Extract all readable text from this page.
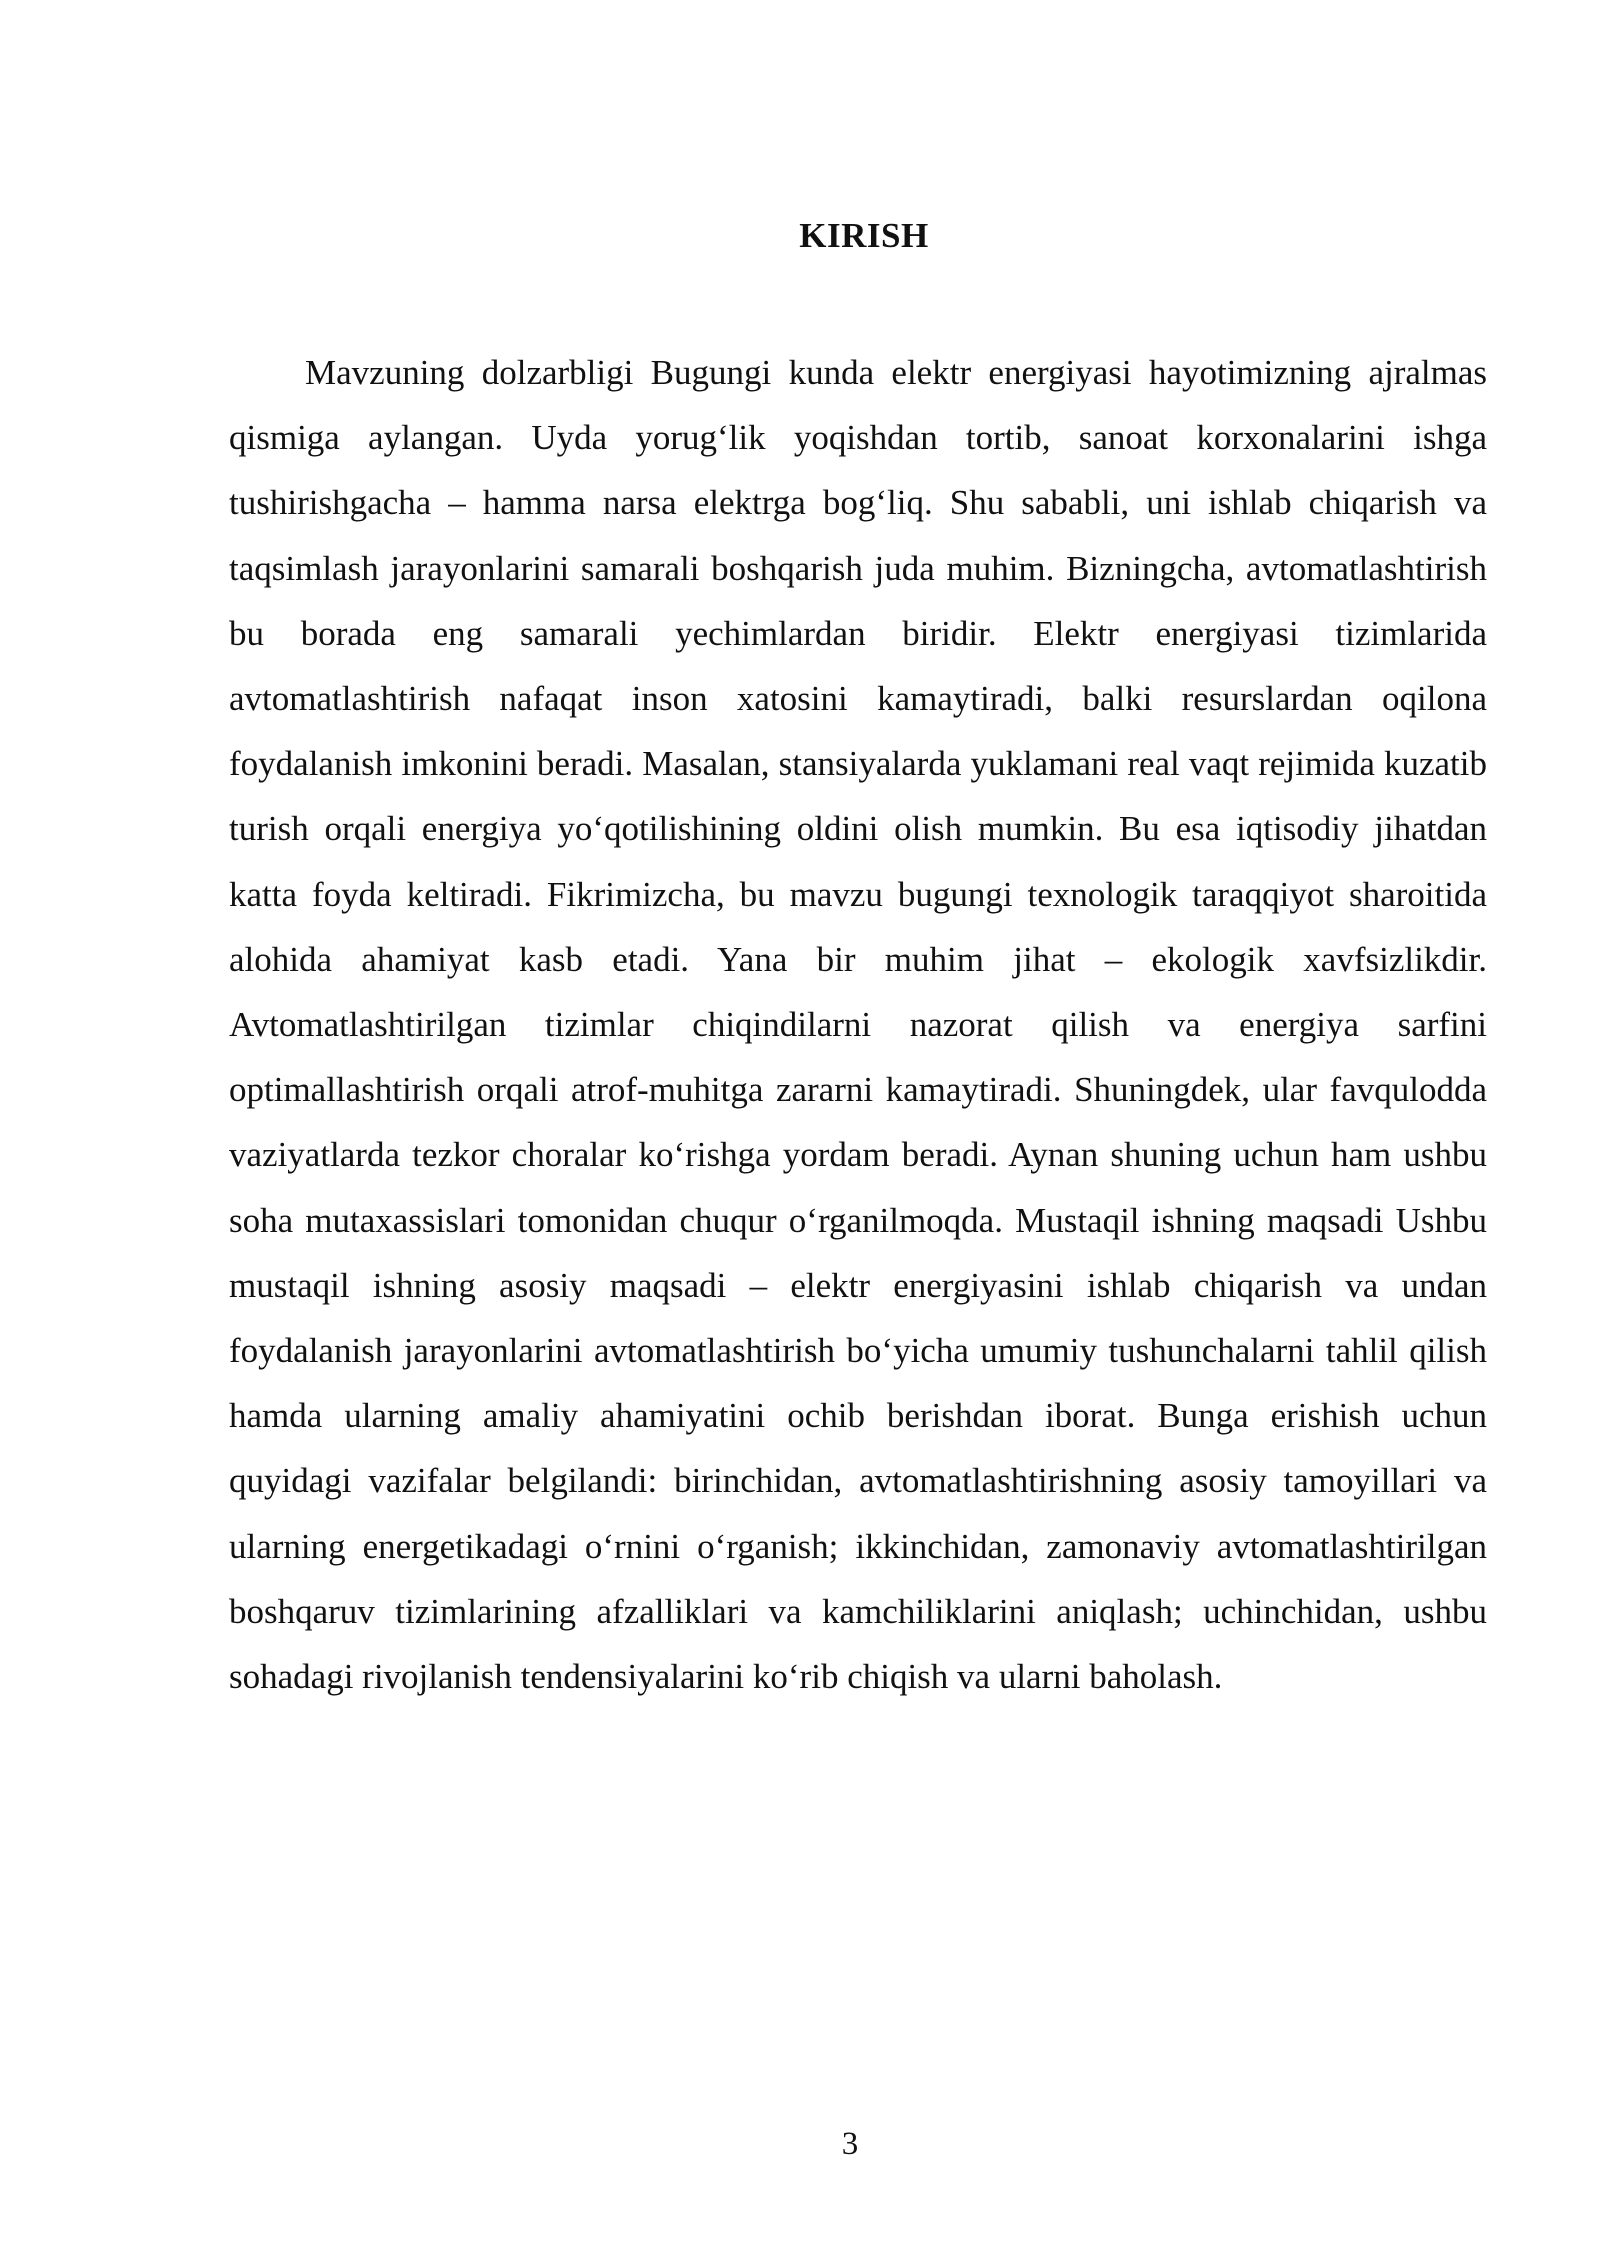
KIRISH

Mavzuning dolzarbligi Bugungi kunda elektr energiyasi hayotimizning ajralmas qismiga aylangan. Uyda yorug‘lik yoqishdan tortib, sanoat korxonalarini ishga tushirishgacha – hamma narsa elektrga bog‘liq. Shu sababli, uni ishlab chiqarish va taqsimlash jarayonlarini samarali boshqarish juda muhim. Bizningcha, avtomatlashtirish bu borada eng samarali yechimlardan biridir. Elektr energiyasi tizimlarida avtomatlashtirish nafaqat inson xatosini kamaytiradi, balki resurslardan oqilona foydalanish imkonini beradi. Masalan, stansiyalarda yuklamani real vaqt rejimida kuzatib turish orqali energiya yo‘qotilishining oldini olish mumkin. Bu esa iqtisodiy jihatdan katta foyda keltiradi. Fikrimizcha, bu mavzu bugungi texnologik taraqqiyot sharoitida alohida ahamiyat kasb etadi. Yana bir muhim jihat – ekologik xavfsizlikdir. Avtomatlashtirilgan tizimlar chiqindilarni nazorat qilish va energiya sarfini optimallashtirish orqali atrof-muhitga zararni kamaytiradi. Shuningdek, ular favqulodda vaziyatlarda tezkor choralar ko‘rishga yordam beradi. Aynan shuning uchun ham ushbu soha mutaxassislari tomonidan chuqur o‘rganilmoqda. Mustaqil ishning maqsadi Ushbu mustaqil ishning asosiy maqsadi – elektr energiyasini ishlab chiqarish va undan foydalanish jarayonlarini avtomatlashtirish bo‘yicha umumiy tushunchalarni tahlil qilish hamda ularning amaliy ahamiyatini ochib berishdan iborat. Bunga erishish uchun quyidagi vazifalar belgilandi: birinchidan, avtomatlashtirishning asosiy tamoyillari va ularning energetikadagi o‘rnini o‘rganish; ikkinchidan, zamonaviy avtomatlashtirilgan boshqaruv tizimlarining afzalliklari va kamchiliklarini aniqlash; uchinchidan, ushbu sohadagi rivojlanish tendensiyalarini ko‘rib chiqish va ularni baholash.

3
